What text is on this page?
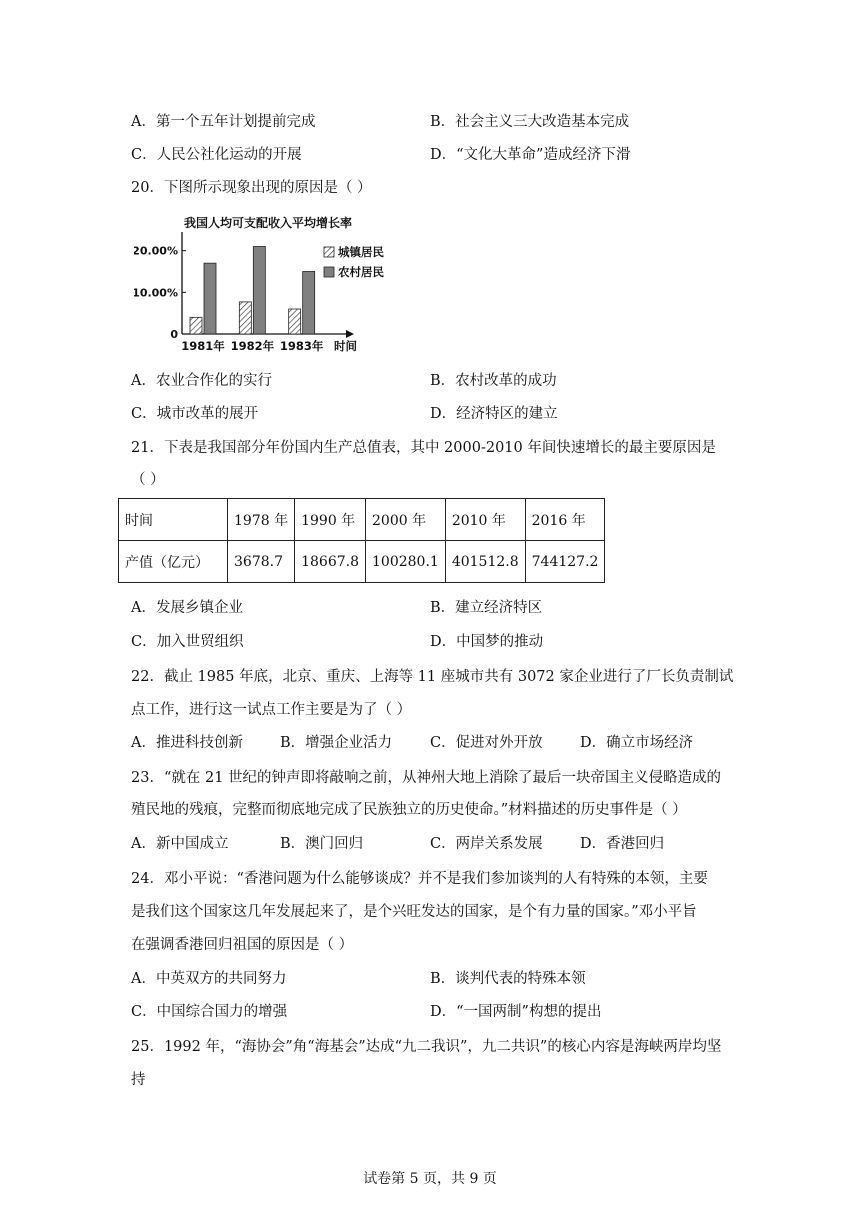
A．第一个五年计划提前完成	B．社会主义三大改造基本完成
C．人民公社化运动的开展	D．“文化大革命”造成经济下滑
20．下图所示现象出现的原因是（ ）
我国人均可支配收入平均增长率
0
10.00%
20.00%
1981年 1982年 1983年 时间
城镇居民
农村居民
A．农业合作化的实行	B．农村改革的成功
C．城市改革的展开	D．经济特区的建立
21．下表是我国部分年份国内生产总值表，其中 2000-2010 年间快速增长的最主要原因是
（ ）
时间	1978 年	1990 年	2000 年	2010 年	2016 年
产值（亿元）	3678.7	18667.8	100280.1	401512.8	744127.2
A．发展乡镇企业	B．建立经济特区
C．加入世贸组织	D．中国梦的推动
22．截止 1985 年底，北京、重庆、上海等 11 座城市共有 3072 家企业进行了厂长负责制试
点工作，进行这一试点工作主要是为了（ ）
A．推进科技创新	B．增强企业活力	C．促进对外开放	D．确立市场经济
23．“就在 21 世纪的钟声即将敲响之前，从神州大地上消除了最后一块帝国主义侵略造成的
殖民地的残痕，完整而彻底地完成了民族独立的历史使命。”材料描述的历史事件是（ ）
A．新中国成立	B．澳门回归	C．两岸关系发展	D．香港回归
24．邓小平说：“香港问题为什么能够谈成？并不是我们参加谈判的人有特殊的本领，主要
是我们这个国家这几年发展起来了，是个兴旺发达的国家，是个有力量的国家。”邓小平旨
在强调香港回归祖国的原因是（ ）
A．中英双方的共同努力	B．谈判代表的特殊本领
C．中国综合国力的增强	D．“一国两制”构想的提出
25．1992 年，“海协会”角“海基会”达成“九二我识”，九二共识”的核心内容是海峡两岸均坚
持
试卷第 5 页，共 9 页
